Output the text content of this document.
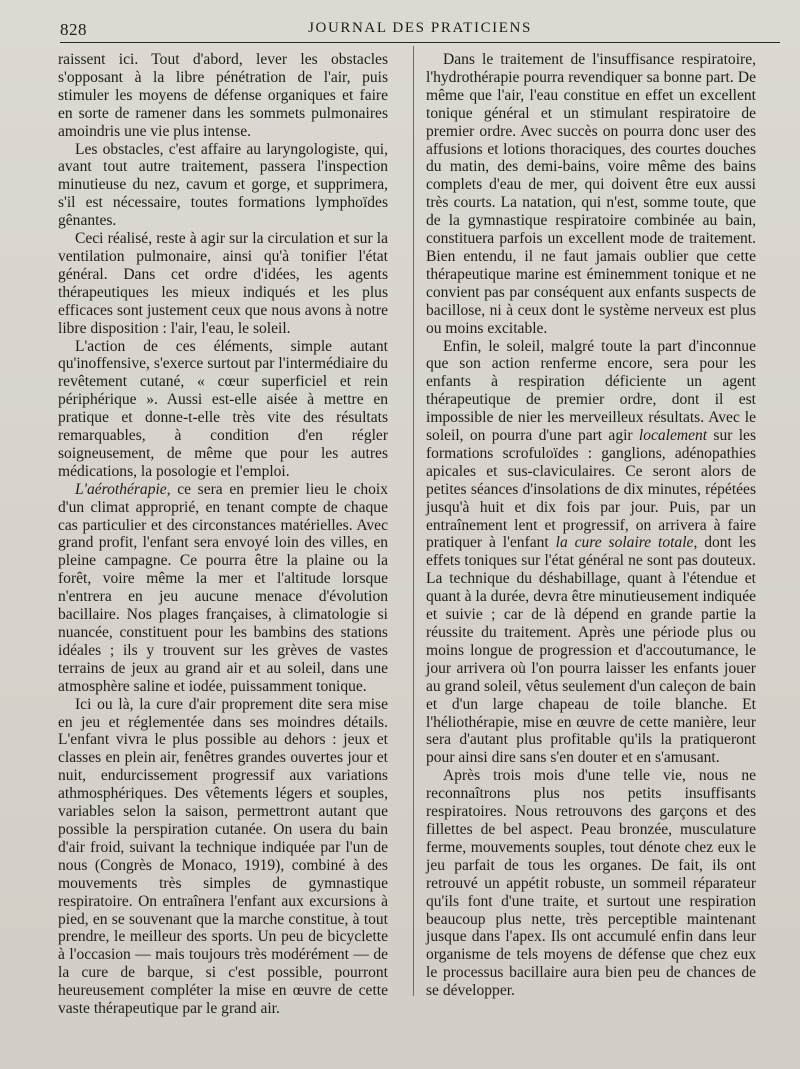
828	JOURNAL DES PRATICIENS

raissent ici. Tout d'abord, lever les obstacles s'opposant à la libre pénétration de l'air, puis stimuler les moyens de défense organiques et faire en sorte de ramener dans les sommets pulmonaires amoindris une vie plus intense.

Les obstacles, c'est affaire au laryngologiste, qui, avant tout autre traitement, passera l'inspection minutieuse du nez, cavum et gorge, et supprimera, s'il est nécessaire, toutes formations lymphoïdes gênantes.

Ceci réalisé, reste à agir sur la circulation et sur la ventilation pulmonaire, ainsi qu'à tonifier l'état général. Dans cet ordre d'idées, les agents thérapeutiques les mieux indiqués et les plus efficaces sont justement ceux que nous avons à notre libre disposition : l'air, l'eau, le soleil.

L'action de ces éléments, simple autant qu'inoffensive, s'exerce surtout par l'intermédiaire du revêtement cutané, « cœur superficiel et rein périphérique ». Aussi est-elle aisée à mettre en pratique et donne-t-elle très vite des résultats remarquables, à condition d'en régler soigneusement, de même que pour les autres médications, la posologie et l'emploi.

L'aérothérapie, ce sera en premier lieu le choix d'un climat approprié, en tenant compte de chaque cas particulier et des circonstances matérielles. Avec grand profit, l'enfant sera envoyé loin des villes, en pleine campagne. Ce pourra être la plaine ou la forêt, voire même la mer et l'altitude lorsque n'entrera en jeu aucune menace d'évolution bacillaire. Nos plages françaises, à climatologie si nuancée, constituent pour les bambins des stations idéales ; ils y trouvent sur les grèves de vastes terrains de jeux au grand air et au soleil, dans une atmosphère saline et iodée, puissamment tonique.

Ici ou là, la cure d'air proprement dite sera mise en jeu et réglementée dans ses moindres détails. L'enfant vivra le plus possible au dehors : jeux et classes en plein air, fenêtres grandes ouvertes jour et nuit, endurcissement progressif aux variations athmosphériques. Des vêtements légers et souples, variables selon la saison, permettront autant que possible la perspiration cutanée. On usera du bain d'air froid, suivant la technique indiquée par l'un de nous (Congrès de Monaco, 1919), combiné à des mouvements très simples de gymnastique respiratoire. On entraînera l'enfant aux excursions à pied, en se souvenant que la marche constitue, à tout prendre, le meilleur des sports. Un peu de bicyclette à l'occasion — mais toujours très modérément — de la cure de barque, si c'est possible, pourront heureusement compléter la mise en œuvre de cette vaste thérapeutique par le grand air.

Dans le traitement de l'insuffisance respiratoire, l'hydrothérapie pourra revendiquer sa bonne part. De même que l'air, l'eau constitue en effet un excellent tonique général et un stimulant respiratoire de premier ordre. Avec succès on pourra donc user des affusions et lotions thoraciques, des courtes douches du matin, des demi-bains, voire même des bains complets d'eau de mer, qui doivent être eux aussi très courts. La natation, qui n'est, somme toute, que de la gymnastique respiratoire combinée au bain, constituera parfois un excellent mode de traitement. Bien entendu, il ne faut jamais oublier que cette thérapeutique marine est éminemment tonique et ne convient pas par conséquent aux enfants suspects de bacillose, ni à ceux dont le système nerveux est plus ou moins excitable.

Enfin, le soleil, malgré toute la part d'inconnue que son action renferme encore, sera pour les enfants à respiration déficiente un agent thérapeutique de premier ordre, dont il est impossible de nier les merveilleux résultats. Avec le soleil, on pourra d'une part agir localement sur les formations scrofuloïdes : ganglions, adénopathies apicales et sus-claviculaires. Ce seront alors de petites séances d'insolations de dix minutes, répétées jusqu'à huit et dix fois par jour. Puis, par un entraînement lent et progressif, on arrivera à faire pratiquer à l'enfant la cure solaire totale, dont les effets toniques sur l'état général ne sont pas douteux. La technique du déshabillage, quant à l'étendue et quant à la durée, devra être minutieusement indiquée et suivie ; car de là dépend en grande partie la réussite du traitement. Après une période plus ou moins longue de progression et d'accoutumance, le jour arrivera où l'on pourra laisser les enfants jouer au grand soleil, vêtus seulement d'un caleçon de bain et d'un large chapeau de toile blanche. Et l'héliothérapie, mise en œuvre de cette manière, leur sera d'autant plus profitable qu'ils la pratiqueront pour ainsi dire sans s'en douter et en s'amusant.

Après trois mois d'une telle vie, nous ne reconnaîtrons plus nos petits insuffisants respiratoires. Nous retrouvons des garçons et des fillettes de bel aspect. Peau bronzée, musculature ferme, mouvements souples, tout dénote chez eux le jeu parfait de tous les organes. De fait, ils ont retrouvé un appétit robuste, un sommeil réparateur qu'ils font d'une traite, et surtout une respiration beaucoup plus nette, très perceptible maintenant jusque dans l'apex. Ils ont accumulé enfin dans leur organisme de tels moyens de défense que chez eux le processus bacillaire aura bien peu de chances de se développer.
